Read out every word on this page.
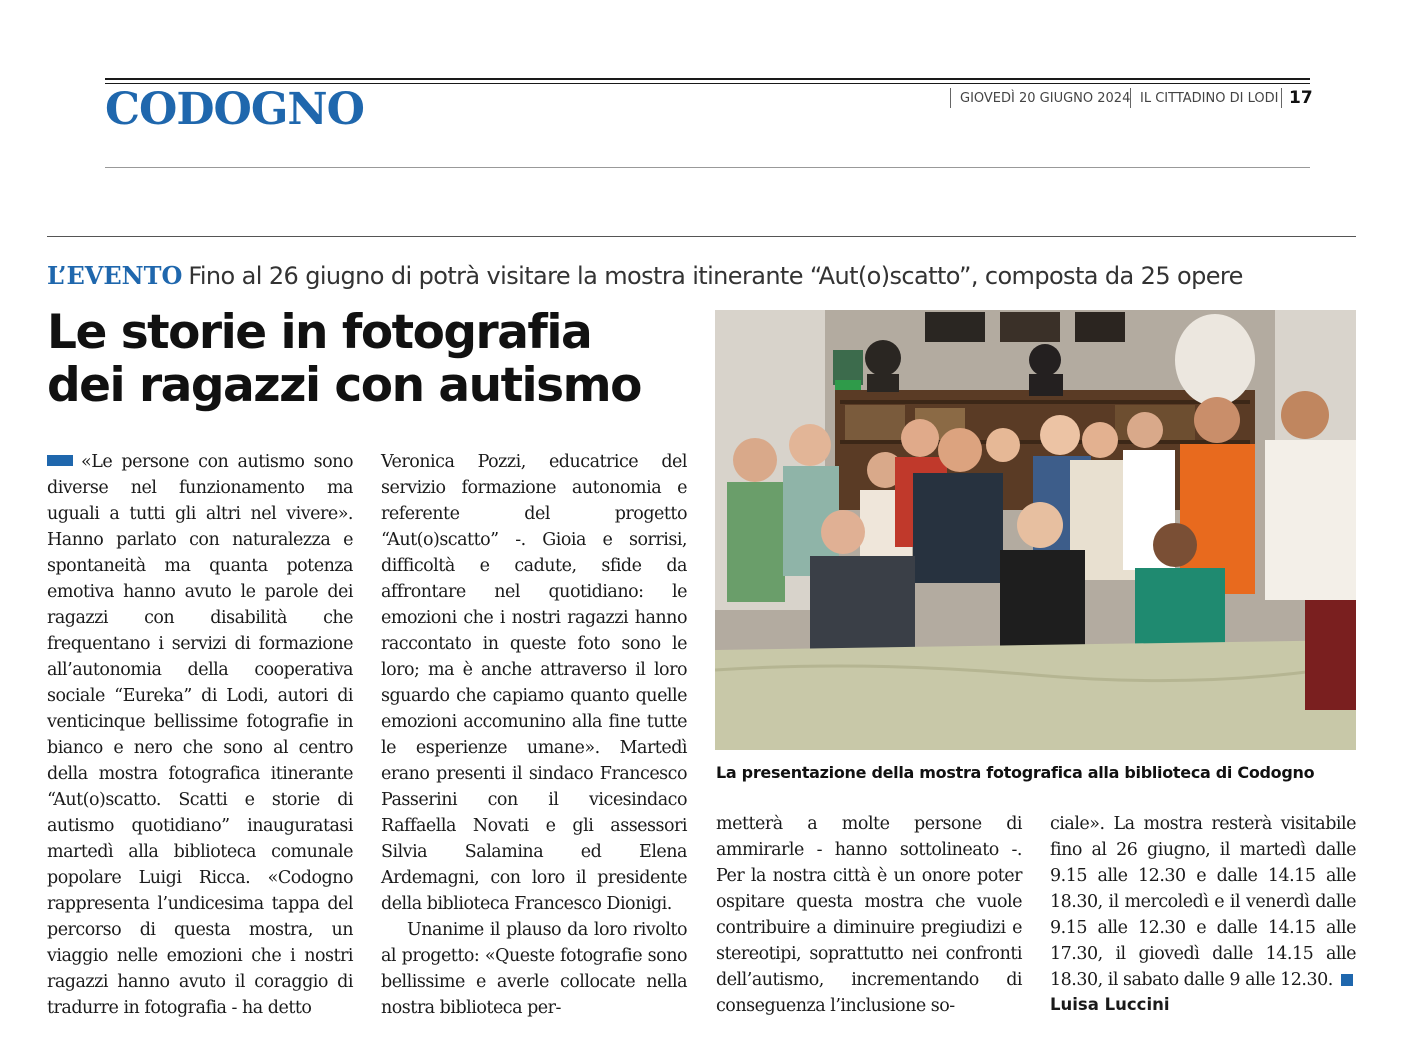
CODOGNO	GIOVEDÌ 20 GIUGNO 2024 IL CITTADINO DI LODI 17
L’EVENTO Fino al 26 giugno di potrà visitare la mostra itinerante “Aut(o)scatto”, composta da 25 opere
Le storie in fotografia
dei ragazzi con autismo

«Le persone con autismo sono diverse nel funzionamento ma uguali a tutti gli altri nel vivere». Hanno parlato con naturalezza e spontaneità ma quanta potenza emotiva hanno avuto le parole dei ragazzi con disabilità che frequentano i servizi di formazione all’autonomia della cooperativa sociale “Eureka” di Lodi, autori di venticinque bellissime fotografie in bianco e nero che sono al centro della mostra fotografica itinerante “Aut(o)scatto. Scatti e storie di autismo quotidiano” inauguratasi martedì alla biblioteca comunale popolare Luigi Ricca. «Codogno rappresenta l’undicesima tappa del percorso di questa mostra, un viaggio nelle emozioni che i nostri ragazzi hanno avuto il coraggio di tradurre in fotografia - ha detto

Veronica Pozzi, educatrice del servizio formazione autonomia e referente del progetto “Aut(o)scatto” -. Gioia e sorrisi, difficoltà e cadute, sfide da affrontare nel quotidiano: le emozioni che i nostri ragazzi hanno raccontato in queste foto sono le loro; ma è anche attraverso il loro sguardo che capiamo quanto quelle emozioni accomunino alla fine tutte le esperienze umane». Martedì erano presenti il sindaco Francesco Passerini con il vicesindaco Raffaella Novati e gli assessori Silvia Salamina ed Elena Ardemagni, con loro il presidente della biblioteca Francesco Dionigi.

Unanime il plauso da loro rivolto al progetto: «Queste fotografie sono bellissime e averle collocate nella nostra biblioteca per-

La presentazione della mostra fotografica alla biblioteca di Codogno

metterà a molte persone di ammirarle - hanno sottolineato -. Per la nostra città è un onore poter ospitare questa mostra che vuole contribuire a diminuire pregiudizi e stereotipi, soprattutto nei confronti dell’autismo, incrementando di conseguenza l’inclusione so-

ciale». La mostra resterà visitabile fino al 26 giugno, il martedì dalle 9.15 alle 12.30 e dalle 14.15 alle 18.30, il mercoledì e il venerdì dalle 9.15 alle 12.30 e dalle 14.15 alle 17.30, il giovedì dalle 14.15 alle 18.30, il sabato dalle 9 alle 12.30.

Luisa Luccini
